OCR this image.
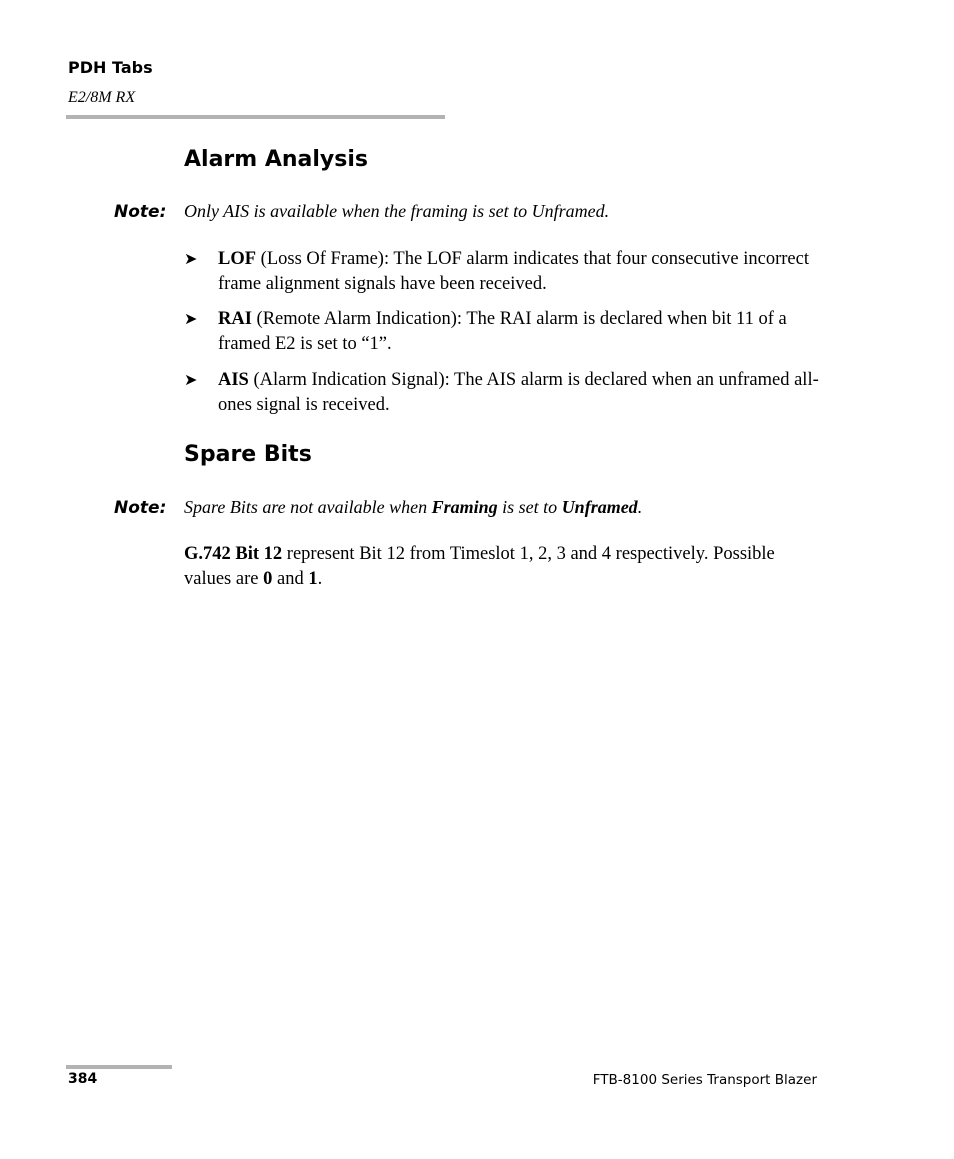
PDH Tabs
E2/8M RX
Alarm Analysis
Note: Only AIS is available when the framing is set to Unframed.
➤ LOF (Loss Of Frame): The LOF alarm indicates that four consecutive incorrect frame alignment signals have been received.
➤ RAI (Remote Alarm Indication): The RAI alarm is declared when bit 11 of a framed E2 is set to “1”.
➤ AIS (Alarm Indication Signal): The AIS alarm is declared when an unframed all-ones signal is received.
Spare Bits
Note: Spare Bits are not available when Framing is set to Unframed.
G.742 Bit 12 represent Bit 12 from Timeslot 1, 2, 3 and 4 respectively. Possible values are 0 and 1.
384	FTB-8100 Series Transport Blazer
